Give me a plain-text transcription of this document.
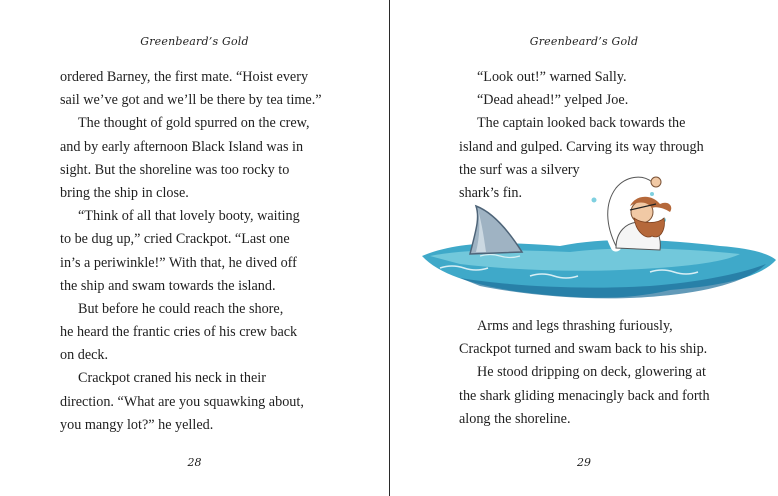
Greenbeard’s Gold
ordered Barney, the first mate. “Hoist every
sail we’ve got and we’ll be there by tea time.”
The thought of gold spurred on the crew,
and by early afternoon Black Island was in
sight. But the shoreline was too rocky to
bring the ship in close.
“Think of all that lovely booty, waiting
to be dug up,” cried Crackpot. “Last one
in’s a periwinkle!” With that, he dived off
the ship and swam towards the island.
But before he could reach the shore,
he heard the frantic cries of his crew back
on deck.
Crackpot craned his neck in their
direction. “What are you squawking about,
you mangy lot?” he yelled.
28
Greenbeard’s Gold
“Look out!” warned Sally.
“Dead ahead!” yelped Joe.
The captain looked back towards the
island and gulped. Carving its way through
the surf was a silvery
shark’s fin.
Arms and legs thrashing furiously,
Crackpot turned and swam back to his ship.
He stood dripping on deck, glowering at
the shark gliding menacingly back and forth
along the shoreline.
29
